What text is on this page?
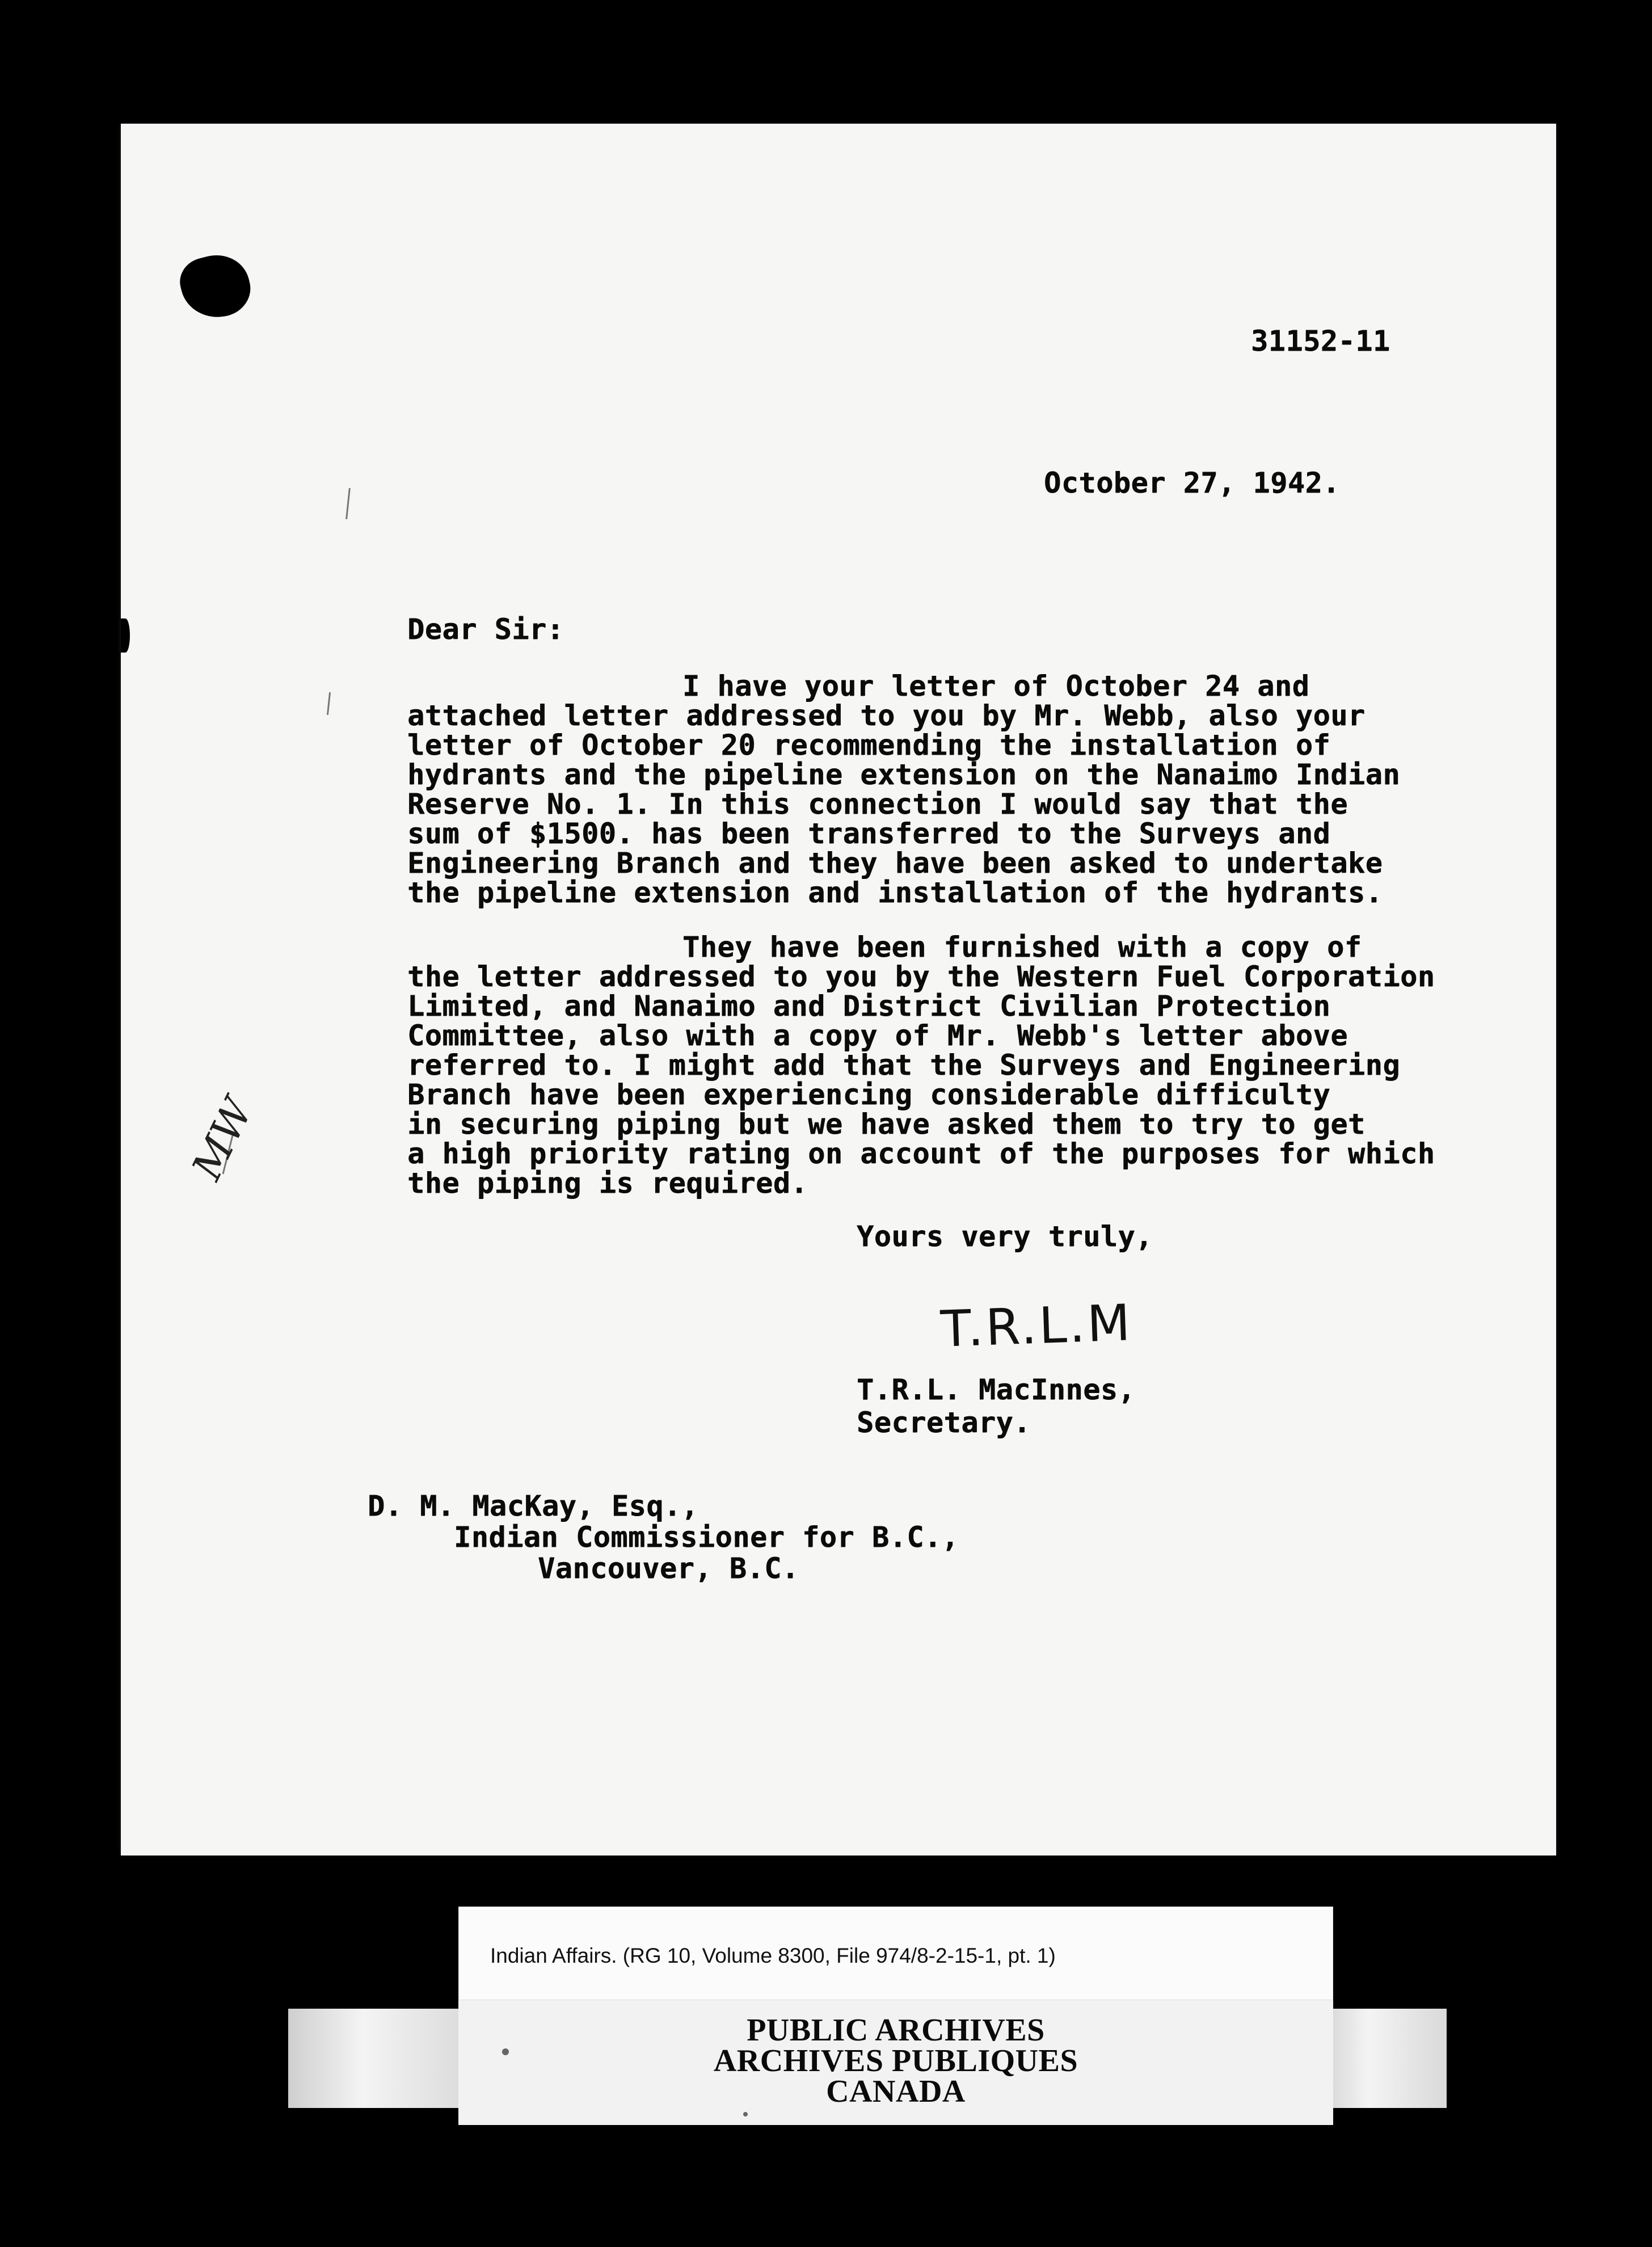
31152-11

October 27, 1942.

Dear Sir:

I have your letter of October 24 and

attached letter addressed to you by Mr. Webb, also your

letter of October 20 recommending the installation of

hydrants and the pipeline extension on the Nanaimo Indian

Reserve No. 1. In this connection I would say that the

sum of $1500. has been transferred to the Surveys and

Engineering Branch and they have been asked to undertake

the pipeline extension and installation of the hydrants.

They have been furnished with a copy of

the letter addressed to you by the Western Fuel Corporation

Limited, and Nanaimo and District Civilian Protection

Committee, also with a copy of Mr. Webb's letter above

referred to. I might add that the Surveys and Engineering

Branch have been experiencing considerable difficulty

in securing piping but we have asked them to try to get

a high priority rating on account of the purposes for which

the piping is required.

Yours very truly,

T.R.L.M

T.R.L. MacInnes,

Secretary.

D. M. MacKay, Esq.,

Indian Commissioner for B.C.,

Vancouver, B.C.

MW

Indian Affairs. (RG 10, Volume 8300, File 974/8-2-15-1, pt. 1)

PUBLIC ARCHIVES
ARCHIVES PUBLIQUES
CANADA
